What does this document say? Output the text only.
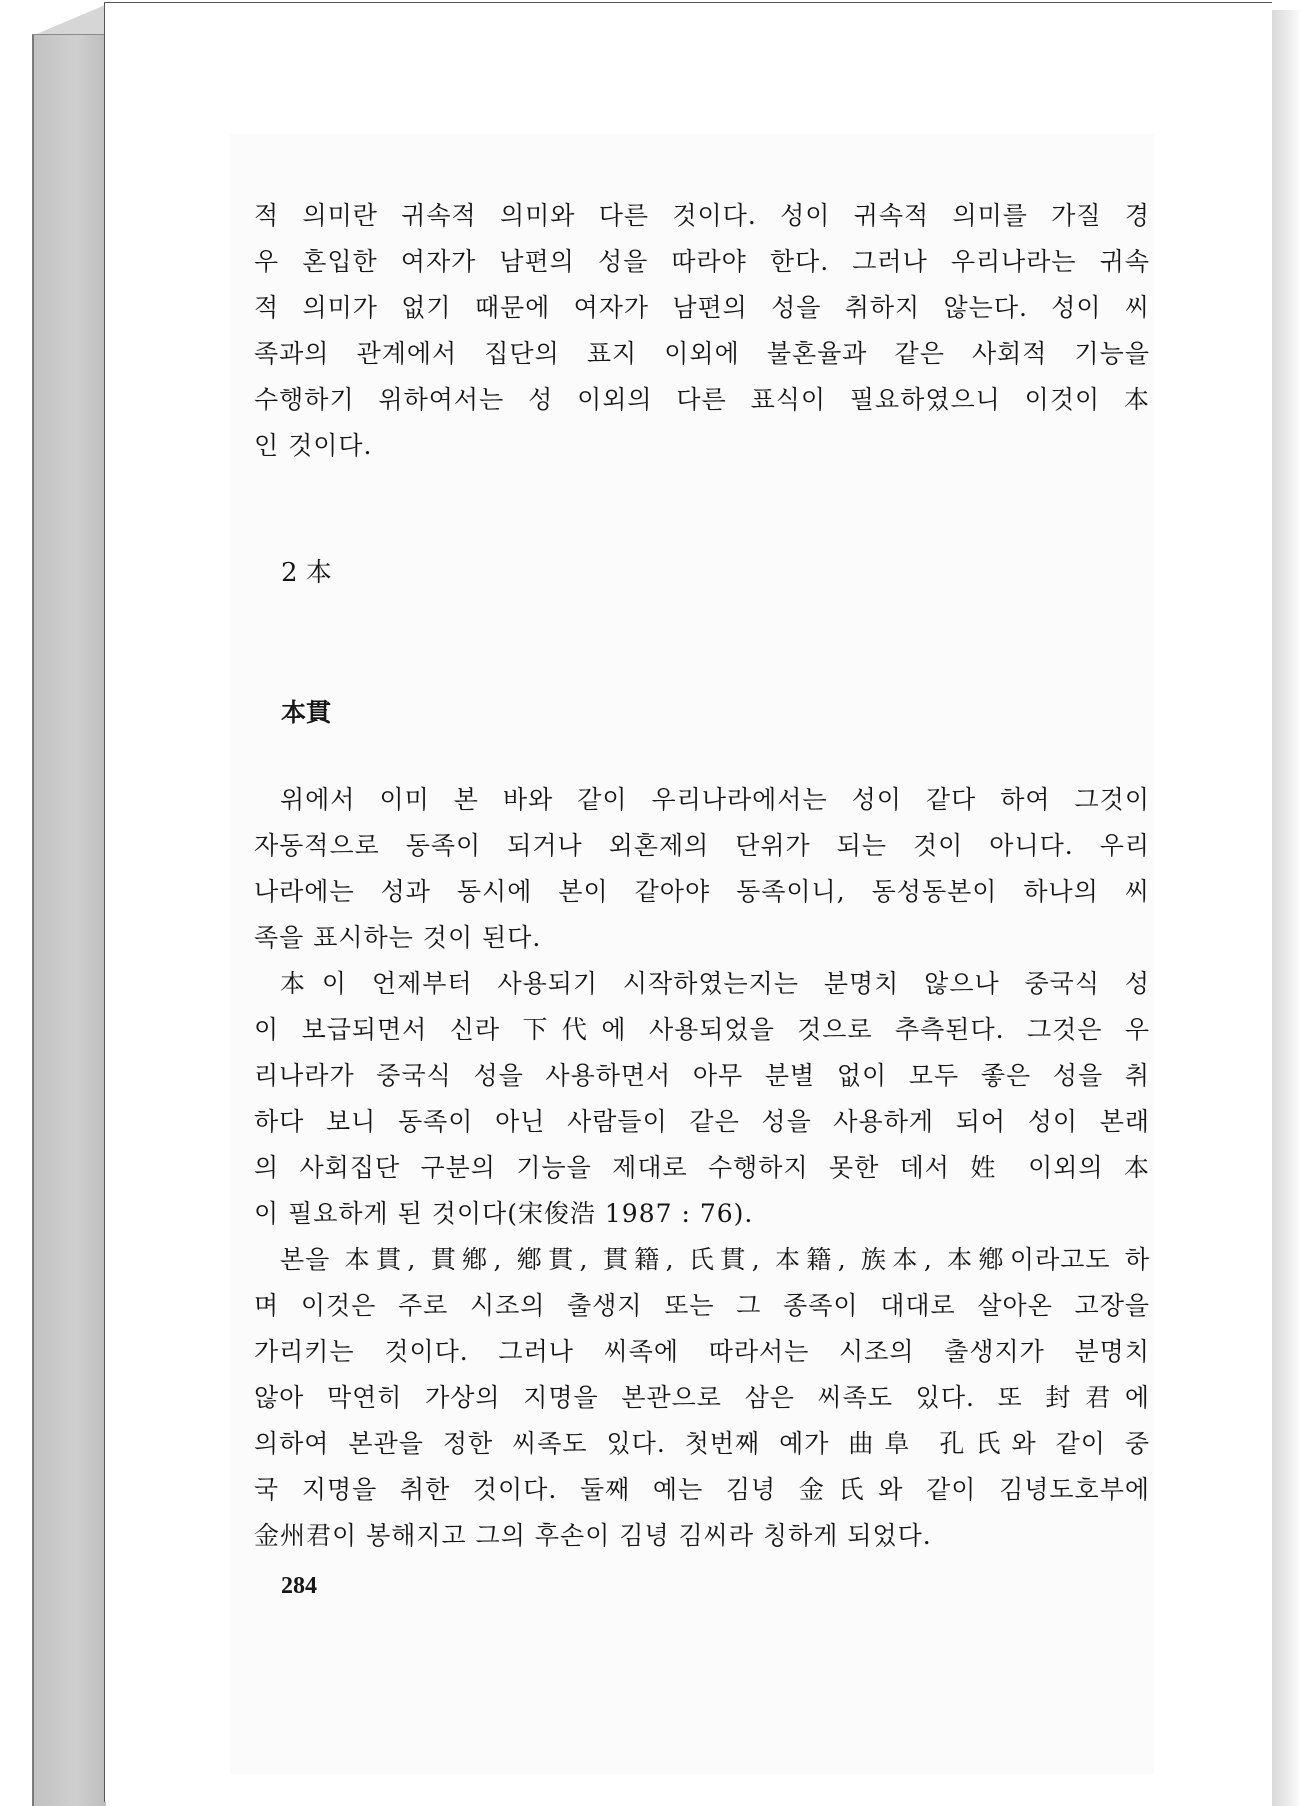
적 의미란 귀속적 의미와 다른 것이다. 성이 귀속적 의미를 가질 경
우 혼입한 여자가 남편의 성을 따라야 한다. 그러나 우리나라는 귀속
적 의미가 없기 때문에 여자가 남편의 성을 취하지 않는다. 성이 씨
족과의 관계에서 집단의 표지 이외에 불혼율과 같은 사회적 기능을
수행하기 위하여서는 성 이외의 다른 표식이 필요하였으니 이것이 本
인 것이다.
2 本
本貫
위에서 이미 본 바와 같이 우리나라에서는 성이 같다 하여 그것이
자동적으로 동족이 되거나 외혼제의 단위가 되는 것이 아니다. 우리
나라에는 성과 동시에 본이 같아야 동족이니, 동성동본이 하나의 씨
족을 표시하는 것이 된다.
本이 언제부터 사용되기 시작하였는지는 분명치 않으나 중국식 성
이 보급되면서 신라 下代에 사용되었을 것으로 추측된다. 그것은 우
리나라가 중국식 성을 사용하면서 아무 분별 없이 모두 좋은 성을 취
하다 보니 동족이 아닌 사람들이 같은 성을 사용하게 되어 성이 본래
의 사회집단 구분의 기능을 제대로 수행하지 못한 데서 姓 이외의 本
이 필요하게 된 것이다(宋俊浩 1987 : 76).
본을 本貫, 貫鄕, 鄕貫, 貫籍, 氏貫, 本籍, 族本, 本鄕이라고도 하
며 이것은 주로 시조의 출생지 또는 그 종족이 대대로 살아온 고장을
가리키는 것이다. 그러나 씨족에 따라서는 시조의 출생지가 분명치
않아 막연히 가상의 지명을 본관으로 삼은 씨족도 있다. 또 封君에
의하여 본관을 정한 씨족도 있다. 첫번째 예가 曲阜 孔氏와 같이 중
국 지명을 취한 것이다. 둘째 예는 김녕 金氏와 같이 김녕도호부에
金州君이 봉해지고 그의 후손이 김녕 김씨라 칭하게 되었다.
284
